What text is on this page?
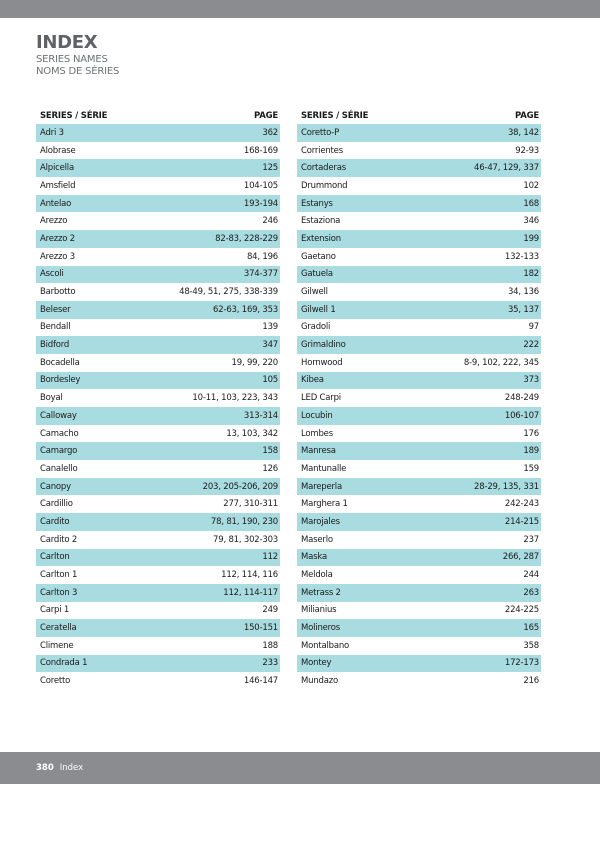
INDEX
SERIES NAMES
NOMS DE SÉRIES
SERIES / SÉRIE	PAGE
Adri 3	362
Alobrase	168-169
Alpicella	125
Amsfield	104-105
Antelao	193-194
Arezzo	246
Arezzo 2	82-83, 228-229
Arezzo 3	84, 196
Ascoli	374-377
Barbotto	48-49, 51, 275, 338-339
Beleser	62-63, 169, 353
Bendall	139
Bidford	347
Bocadella	19, 99, 220
Bordesley	105
Boyal	10-11, 103, 223, 343
Calloway	313-314
Camacho	13, 103, 342
Camargo	158
Canalello	126
Canopy	203, 205-206, 209
Cardillio	277, 310-311
Cardito	78, 81, 190, 230
Cardito 2	79, 81, 302-303
Carlton	112
Carlton 1	112, 114, 116
Carlton 3	112, 114-117
Carpi 1	249
Ceratella	150-151
Climene	188
Condrada 1	233
Coretto	146-147
SERIES / SÉRIE	PAGE
Coretto-P	38, 142
Corrientes	92-93
Cortaderas	46-47, 129, 337
Drummond	102
Estanys	168
Estaziona	346
Extension	199
Gaetano	132-133
Gatuela	182
Gilwell	34, 136
Gilwell 1	35, 137
Gradoli	97
Grimaldino	222
Hornwood	8-9, 102, 222, 345
Kibea	373
LED Carpi	248-249
Locubin	106-107
Lombes	176
Manresa	189
Mantunalle	159
Mareperla	28-29, 135, 331
Marghera 1	242-243
Marojales	214-215
Maserlo	237
Maska	266, 287
Meldola	244
Metrass 2	263
Milianius	224-225
Molineros	165
Montalbano	358
Montey	172-173
Mundazo	216
380 Index
